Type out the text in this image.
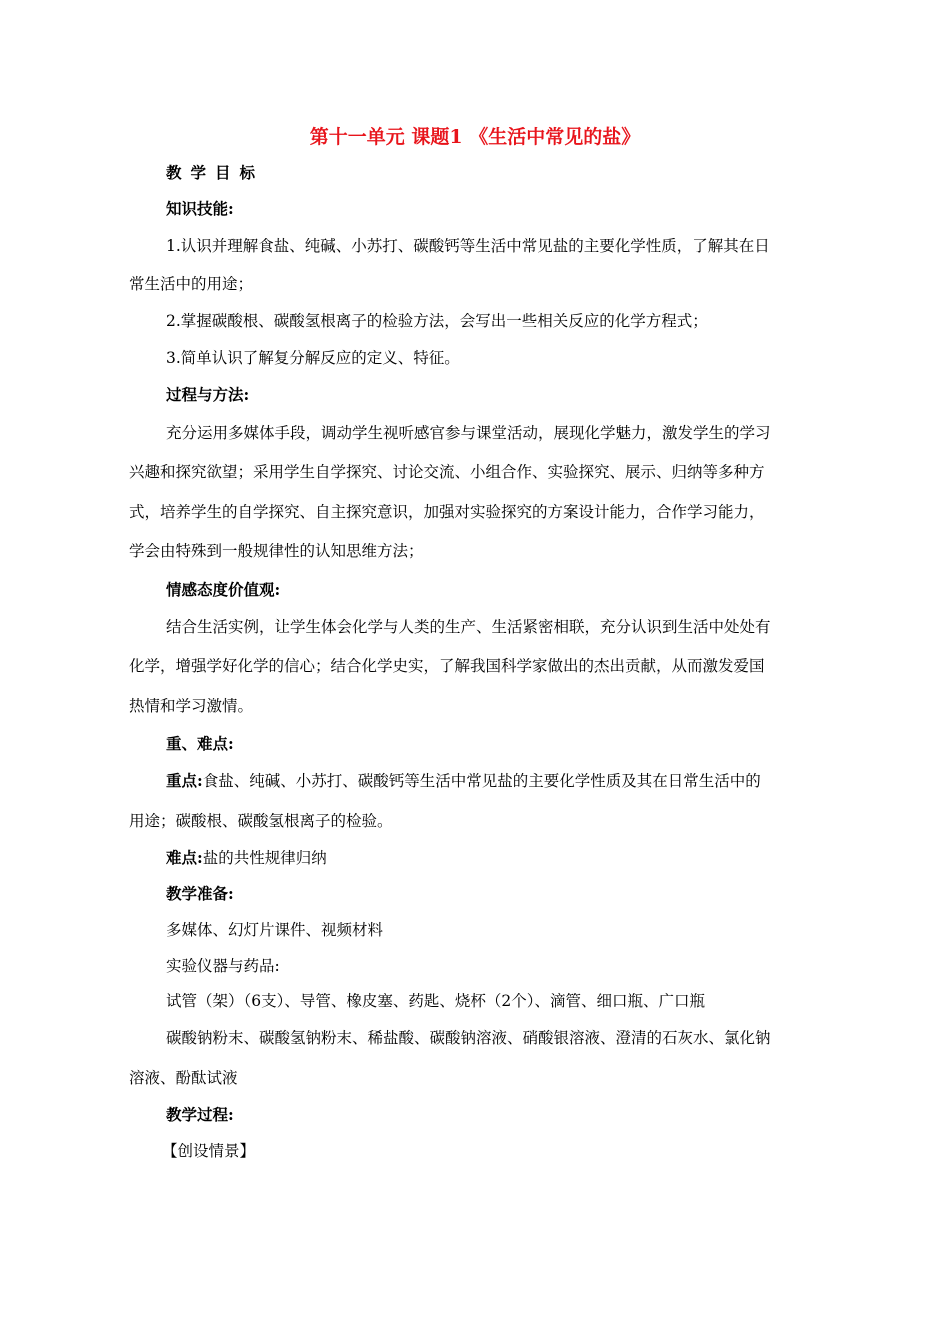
第十一单元 课题1 《生活中常见的盐》
教学目标
知识技能:
1.认识并理解食盐、纯碱、小苏打、碳酸钙等生活中常见盐的主要化学性质，了解其在日
常生活中的用途；
2.掌握碳酸根、碳酸氢根离子的检验方法，会写出一些相关反应的化学方程式；
3.简单认识了解复分解反应的定义、特征。
过程与方法:
充分运用多媒体手段，调动学生视听感官参与课堂活动，展现化学魅力，激发学生的学习
兴趣和探究欲望；采用学生自学探究、讨论交流、小组合作、实验探究、展示、归纳等多种方
式，培养学生的自学探究、自主探究意识，加强对实验探究的方案设计能力，合作学习能力，
学会由特殊到一般规律性的认知思维方法；
情感态度价值观:
结合生活实例，让学生体会化学与人类的生产、生活紧密相联，充分认识到生活中处处有
化学，增强学好化学的信心；结合化学史实，了解我国科学家做出的杰出贡献，从而激发爱国
热情和学习激情。
重、难点:
重点:食盐、纯碱、小苏打、碳酸钙等生活中常见盐的主要化学性质及其在日常生活中的
用途；碳酸根、碳酸氢根离子的检验。
难点:盐的共性规律归纳
教学准备:
多媒体、幻灯片课件、视频材料
实验仪器与药品:
试管（架）（6支）、导管、橡皮塞、药匙、烧杯（2个）、滴管、细口瓶、广口瓶
碳酸钠粉末、碳酸氢钠粉末、稀盐酸、碳酸钠溶液、硝酸银溶液、澄清的石灰水、氯化钠
溶液、酚酞试液
教学过程:
【创设情景】
